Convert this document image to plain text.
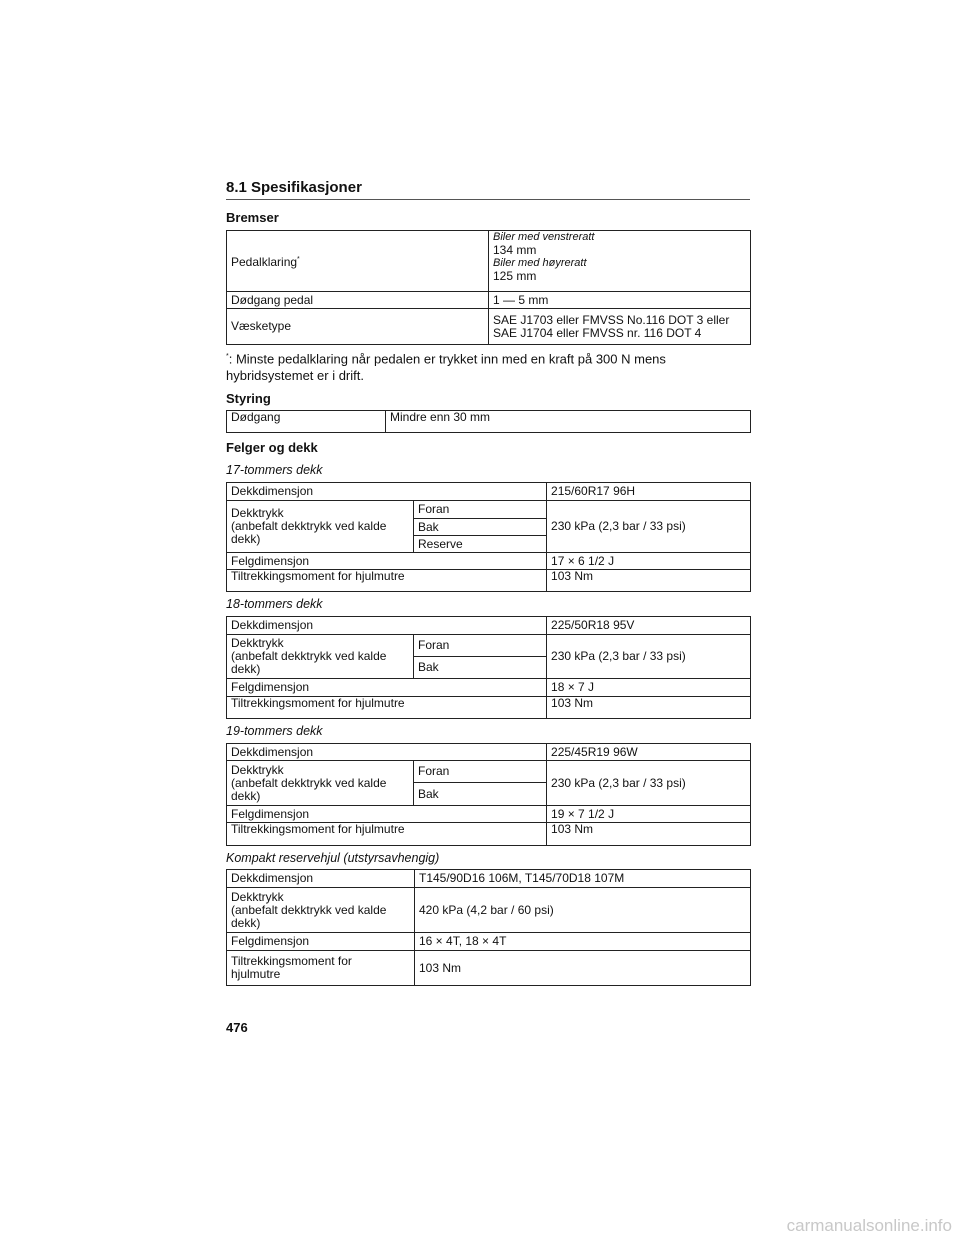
8.1 Spesifikasjoner
Bremser
Pedalklaring*	Biler med venstreratt
134 mm
Biler med høyreratt
125 mm

Dødgang pedal	1 — 5 mm
Væsketype	SAE J1703 eller FMVSS No.116 DOT 3 eller
SAE J1704 eller FMVSS nr. 116 DOT 4
*: Minste pedalklaring når pedalen er trykket inn med en kraft på 300 N mens hybridsystemet er i drift.
Styring
Dødgang	Mindre enn 30 mm
Felger og dekk
17-tommers dekk
Dekkdimensjon		215/60R17 96H

Dekktrykk
(anbefalt dekktrykk ved kalde
dekk)	Foran	230 kPa (2,3 bar / 33 psi)
	Bak	
	Reserve	
Felgdimensjon		17 × 6 1/2 J
Tiltrekkingsmoment for hjulmutre		103 Nm
18-tommers dekk
Dekkdimensjon		225/50R18 95V

Dekktrykk
(anbefalt dekktrykk ved kalde
dekk)	Foran	230 kPa (2,3 bar / 33 psi)
	Bak	
Felgdimensjon		18 × 7 J
Tiltrekkingsmoment for hjulmutre		103 Nm
19-tommers dekk
Dekkdimensjon		225/45R19 96W

Dekktrykk
(anbefalt dekktrykk ved kalde
dekk)	Foran	230 kPa (2,3 bar / 33 psi)
	Bak	
Felgdimensjon		19 × 7 1/2 J
Tiltrekkingsmoment for hjulmutre		103 Nm
Kompakt reservehjul (utstyrsavhengig)
Dekkdimensjon	T145/90D16 106M, T145/70D18 107M

Dekktrykk
(anbefalt dekktrykk ved kalde
dekk)	420 kPa (4,2 bar / 60 psi)
Felgdimensjon	16 × 4T, 18 × 4T

Tiltrekkingsmoment for
hjulmutre	103 Nm
476
carmanualsonline.info
